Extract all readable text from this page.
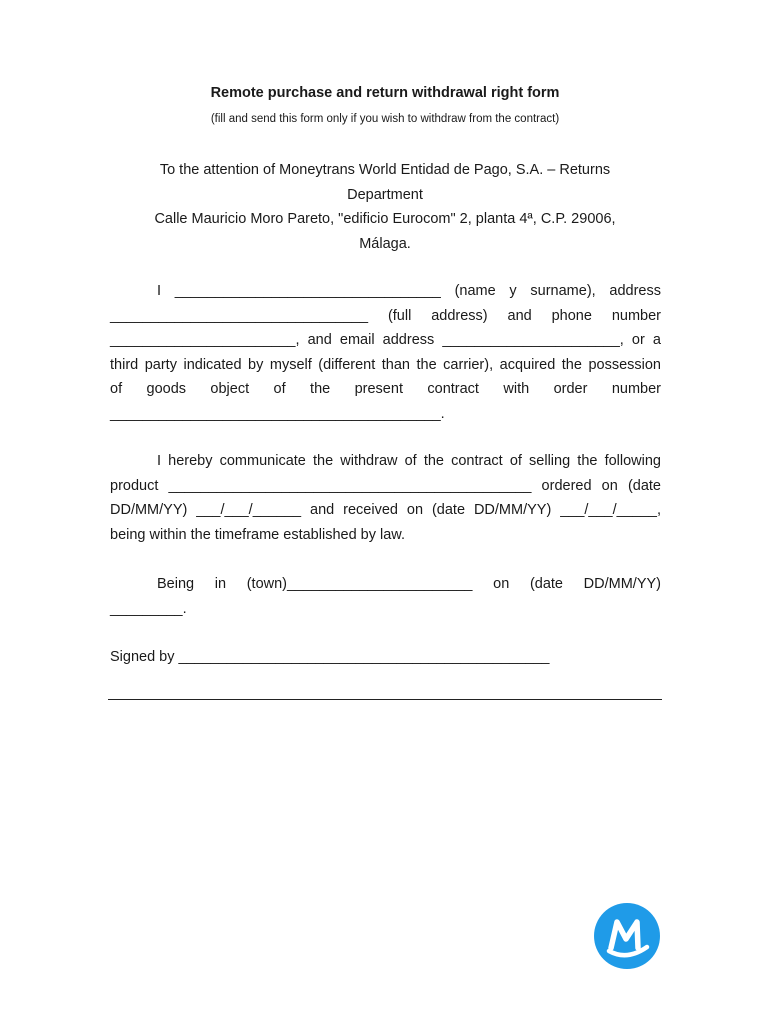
Remote purchase and return withdrawal right form
(fill and send this form only if you wish to withdraw from the contract)
To the attention of Moneytrans World Entidad de Pago, S.A. – Returns
Department
Calle Mauricio Moro Pareto, "edificio Eurocom" 2, planta 4ª, C.P. 29006,
Málaga.
I _________________________________ (name y surname), address
________________________________ (full address) and phone number
_______________________, and email address ______________________, or a
third party indicated by myself (different than the carrier), acquired the possession
of goods object of the present contract with order number
_________________________________________.
I hereby communicate the withdraw of the contract of selling the following
product _____________________________________________ ordered on (date
DD/MM/YY) ___/___/______ and received on (date DD/MM/YY) ___/___/_____,
being within the timeframe established by law.
Being in (town)_______________________ on (date DD/MM/YY)
_________.
Signed by ______________________________________________
